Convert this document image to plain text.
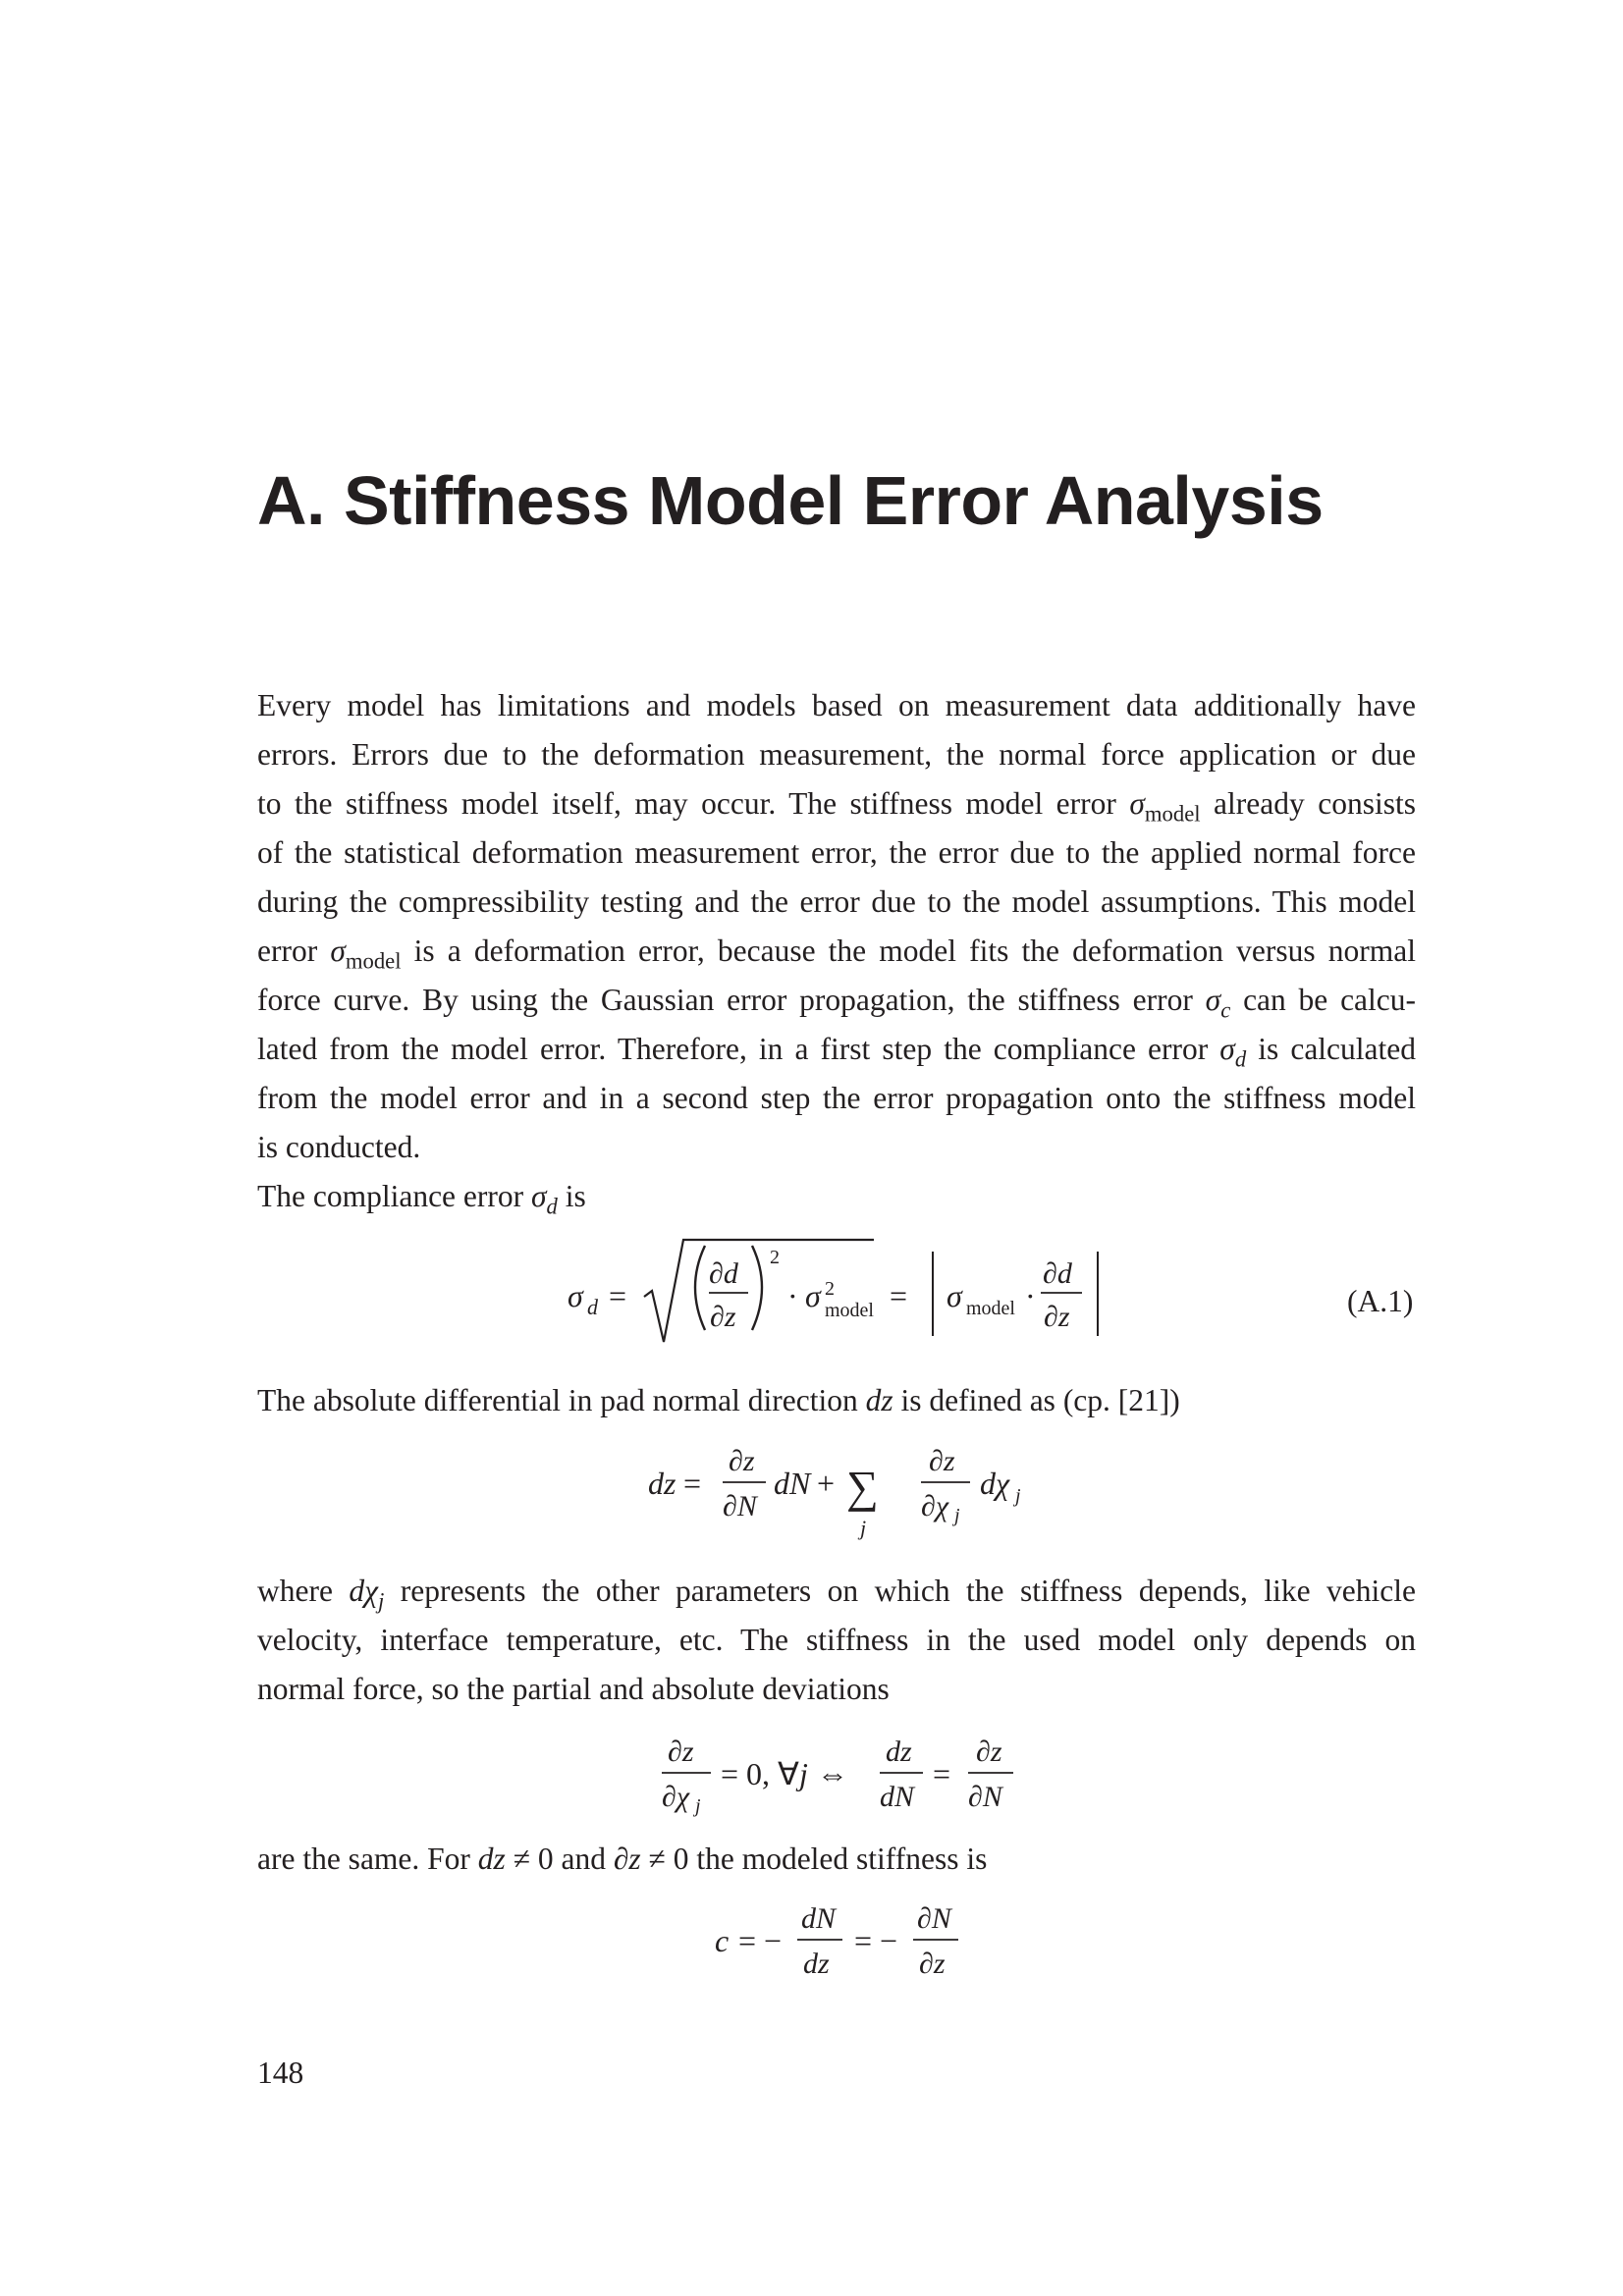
A. Stiffness Model Error Analysis
Every model has limitations and models based on measurement data additionally have
errors. Errors due to the deformation measurement, the normal force application or due
to the stiffness model itself, may occur. The stiffness model error $\sigma_{model}$ already consists
of the statistical deformation measurement error, the error due to the applied normal force
during the compressibility testing and the error due to the model assumptions. This model
error $\sigma_{model}$ is a deformation error, because the model fits the deformation versus normal
force curve. By using the Gaussian error propagation, the stiffness error $\sigma_c$ can be calcu-
lated from the model error. Therefore, in a first step the compliance error $\sigma_d$ is calculated
from the model error and in a second step the error propagation onto the stiffness model
is conducted.
The compliance error $\sigma_d$ is
σ d =
∂d
∂z
2
· σ 2
model = σ model ·
∂d
∂z	(A.1)
The absolute differential in pad normal direction dz is defined as (cp. [21])
dz =
∂z
∂N
dN + ∑
j
∂z
∂χ j
dχ j
where $d\chi_j$ represents the other parameters on which the stiffness depends, like vehicle
velocity, interface temperature, etc. The stiffness in the used model only depends on
normal force, so the partial and absolute deviations
∂z
∂χ j
= 0, ∀ j ⇔
dz
dN
=
∂z
∂N
are the same. For dz ≠ 0 and ∂z ≠ 0 the modeled stiffness is
c = −
dN
dz
= −
∂N
∂z
148
